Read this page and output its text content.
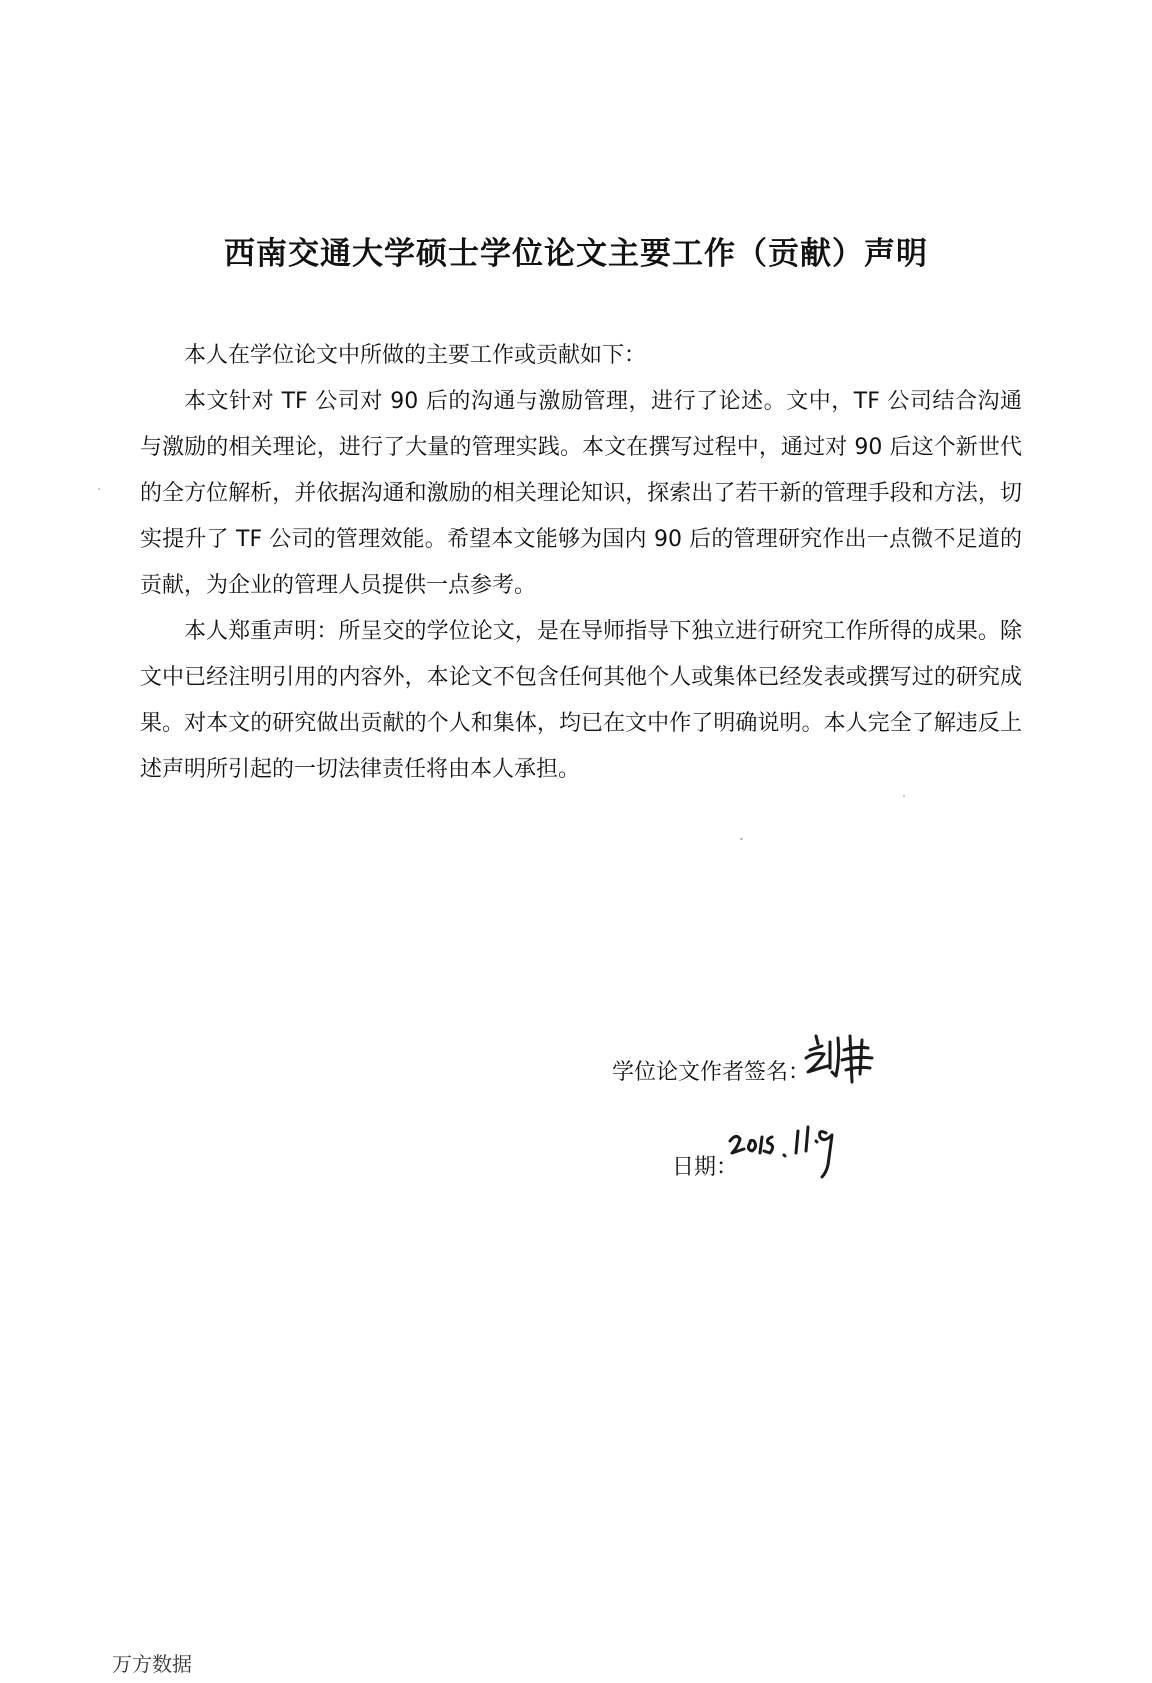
西南交通大学硕士学位论文主要工作（贡献）声明

本人在学位论文中所做的主要工作或贡献如下：

本文针对 TF 公司对 90 后的沟通与激励管理，进行了论述。文中，TF 公司结合沟通与激励的相关理论，进行了大量的管理实践。本文在撰写过程中，通过对 90 后这个新世代的全方位解析，并依据沟通和激励的相关理论知识，探索出了若干新的管理手段和方法，切实提升了 TF 公司的管理效能。希望本文能够为国内 90 后的管理研究作出一点微不足道的贡献，为企业的管理人员提供一点参考。

本人郑重声明：所呈交的学位论文，是在导师指导下独立进行研究工作所得的成果。除文中已经注明引用的内容外，本论文不包含任何其他个人或集体已经发表或撰写过的研究成果。对本文的研究做出贡献的个人和集体，均已在文中作了明确说明。本人完全了解违反上述声明所引起的一切法律责任将由本人承担。

学位论文作者签名：
日期：
万方数据
